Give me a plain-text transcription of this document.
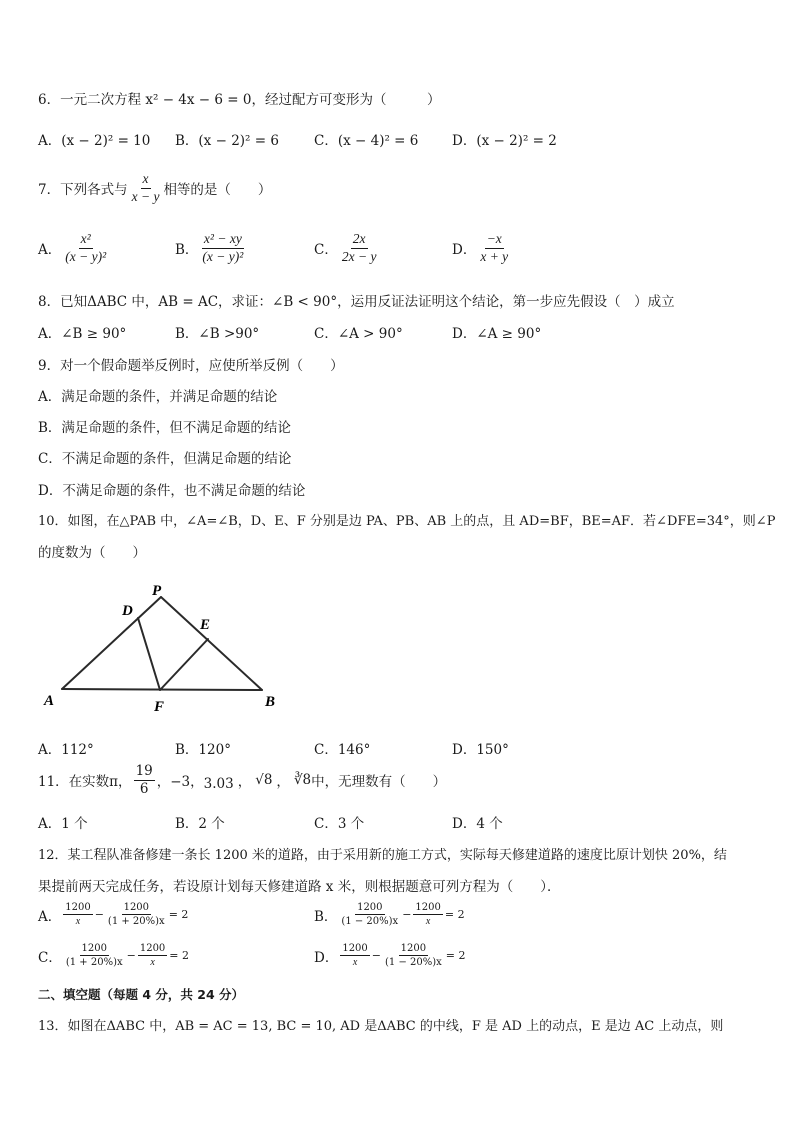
6．一元二次方程 x² − 4x − 6 = 0，经过配方可变形为（　　　）
A．(x − 2)² = 10 B．(x − 2)² = 6	C．(x − 4)² = 6 D．(x − 2)² = 2
7．下列各式与 $\frac{x}{x - y}$ 相等的是（　　）
A． $\frac{\text{x²}}{\text{(x − y)²}}$	B． $\frac{\text{x² − xy}}{\text{(x − y)²}}$	C． $\frac{2x}{2x - y}$	D． $\frac{-x}{x + y}$
8．已知ΔABC 中，AB = AC，求证：∠B < 90°，运用反证法证明这个结论，第一步应先假设（　）成立
A．∠B ≥ 90°	B．∠B >90°	C．∠A > 90°	D．∠A ≥ 90°
9．对一个假命题举反例时，应使所举反例（　　）
A．满足命题的条件，并满足命题的结论
B．满足命题的条件，但不满足命题的结论
C．不满足命题的条件，但满足命题的结论
D．不满足命题的条件，也不满足命题的结论
10．如图，在△PAB 中，∠A=∠B，D、E、F 分别是边 PA、PB、AB 上的点，且 AD=BF，BE=AF．若∠DFE=34°，则∠P
的度数为（　　）
P
D
E
A	F	B
A．112°	B．120°	C．146°	D．150°
11．在实数π， $\frac{19}{6}$ ，−3， 3.03 ， √8 ， ∛8 中，无理数有（　　）
A．1 个	B．2 个	C．3 个	D．4 个
12．某工程队准备修建一条长 1200 米的道路，由于采用新的施工方式，实际每天修建道路的速度比原计划快 20%，结
果提前两天完成任务，若设原计划每天修建道路 x 米，则根据题意可列方程为（　　）．
A． $\frac{1200}{x} - \frac{1200}{(1 + 20\%)x} = 2$	B． $\frac{1200}{(1 - 20\%)x} - \frac{1200}{x} = 2$
C． $\frac{1200}{(1 + 20\%)x} - \frac{1200}{x} = 2$	D． $\frac{1200}{x} - \frac{1200}{(1 - 20\%)x} = 2$
二、填空题（每题 4 分，共 24 分）
13．如图在ΔABC 中，AB = AC = 13, BC = 10, AD 是ΔABC 的中线，F 是 AD 上的动点，E 是边 AC 上动点，则
